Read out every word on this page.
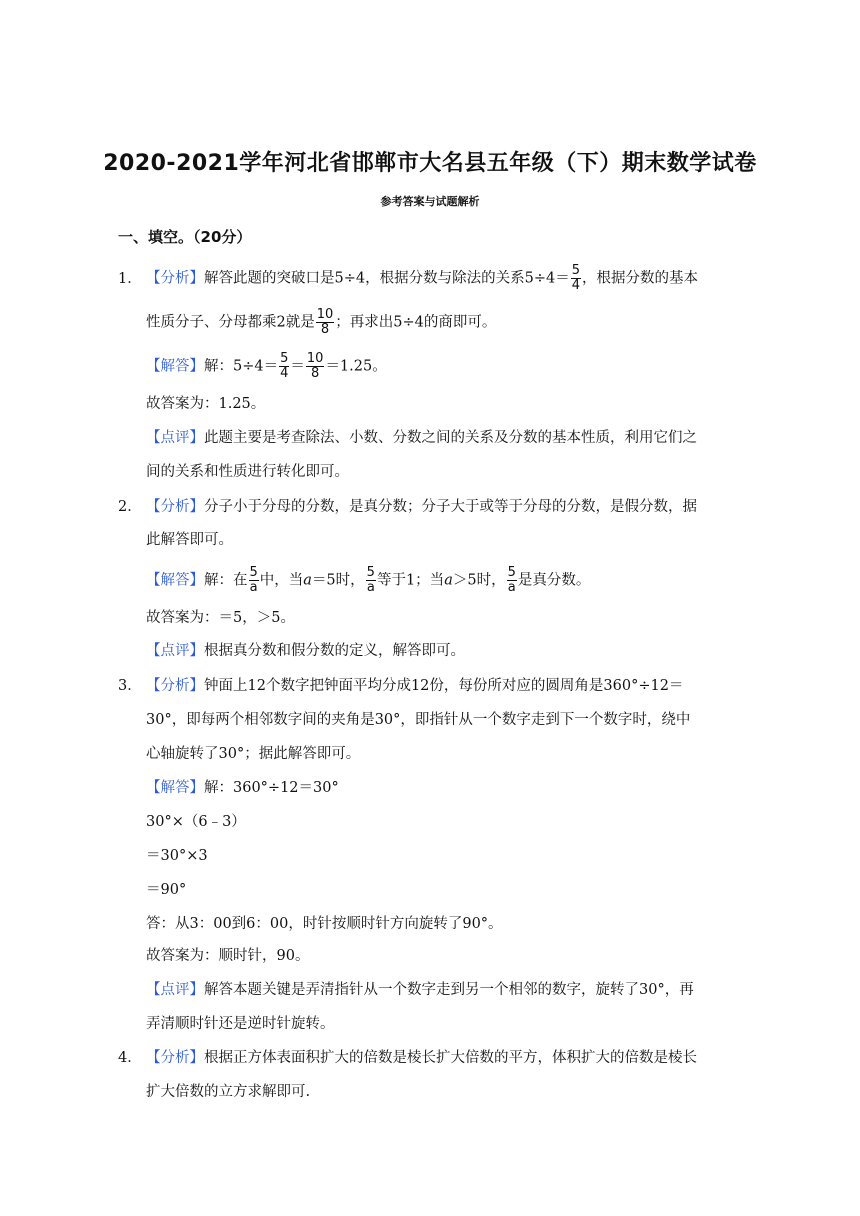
2020-2021学年河北省邯郸市大名县五年级（下）期末数学试卷
参考答案与试题解析
一、填空。（20分）
1． 【分析】解答此题的突破口是5÷4，根据分数与除法的关系$5\div 4= \frac{5}{4}$ ，根据分数的基本
性质分子、分母都乘2就是 $\frac{10}{8}$ ；再求出5÷4的商即可。
【解答】解：$5\div 4= \frac{5}{4} = \frac{10}{8} =1.25$。
故答案为：1.25。
【点评】此题主要是考查除法、小数、分数之间的关系及分数的基本性质，利用它们之
间的关系和性质进行转化即可。
2． 【分析】分子小于分母的分数，是真分数；分子大于或等于分母的分数，是假分数，据
此解答即可。
【解答】解：在 $\frac{5}{a}$ 中，当a＝5时， $\frac{5}{a}$ 等于1；当a＞5时， $\frac{5}{a}$ 是真分数。
故答案为：＝5，＞5。
【点评】根据真分数和假分数的定义，解答即可。
3． 【分析】钟面上12个数字把钟面平均分成12份，每份所对应的圆周角是360°÷12＝
30°，即每两个相邻数字间的夹角是30°，即指针从一个数字走到下一个数字时，绕中
心轴旋转了30°；据此解答即可。
【解答】解：360°÷12＝30°
30°×（6﹣3）
＝30°×3
＝90°
答：从3：00到6：00，时针按顺时针方向旋转了90°。
故答案为：顺时针，90。
【点评】解答本题关键是弄清指针从一个数字走到另一个相邻的数字，旋转了30°，再
弄清顺时针还是逆时针旋转。
4． 【分析】根据正方体表面积扩大的倍数是棱长扩大倍数的平方，体积扩大的倍数是棱长
扩大倍数的立方求解即可.
